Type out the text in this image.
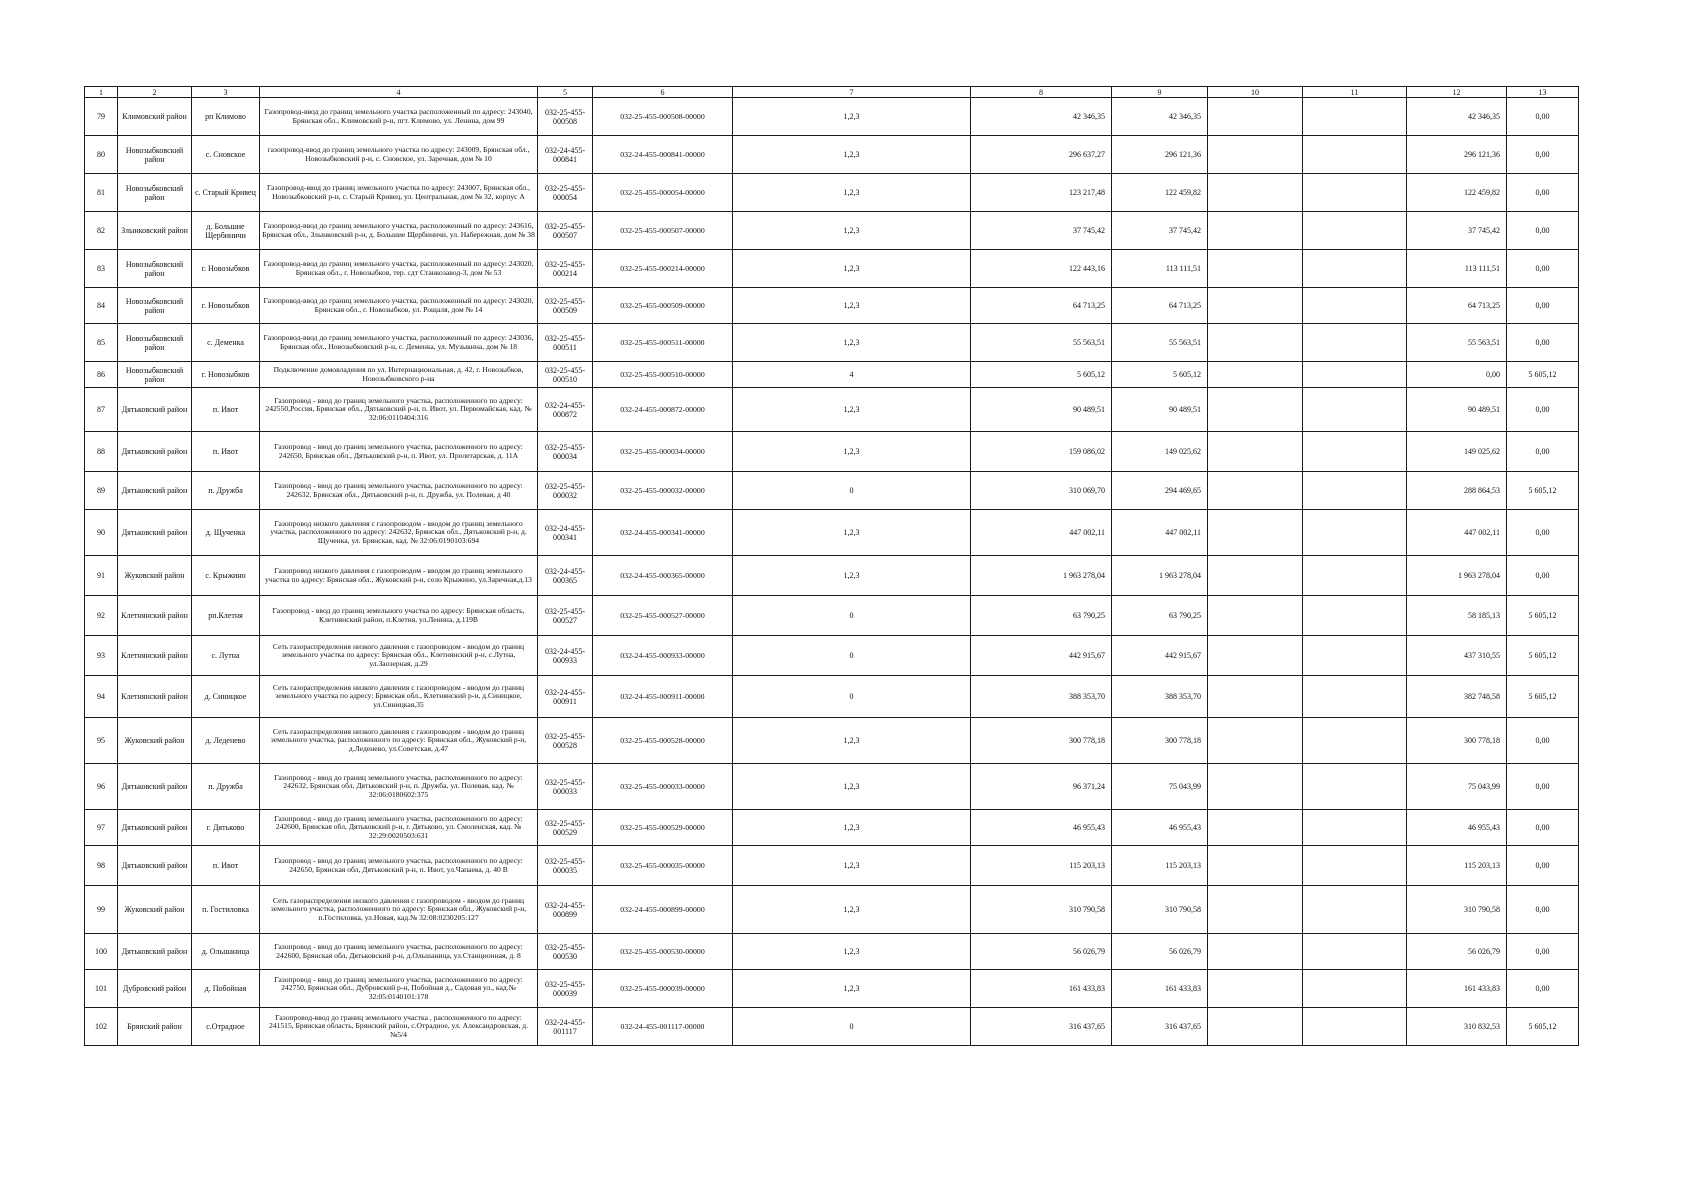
1	2	3	4	5	6	7	8	9	10	11	12	13
79	Климовский район	рп Климово	Газопровод-ввод до границ земельного участка расположенный по адресу: 243040, Брянская обл., Климовский р-н, пгт. Климово, ул. Ленина, дом 99	032-25-455-000508	032-25-455-000508-00000	1,2,3	42 346,35	42 346,35			42 346,35	0,00
80	Новозыбковский район	с. Сновское	газопровод-ввод до границ земельного участка по адресу: 243009, Брянская обл., Новозыбковский р-н, с. Сновское, ул. Заречная, дом № 10	032-24-455-000841	032-24-455-000841-00000	1,2,3	296 637,27	296 121,36			296 121,36	0,00
81	Новозыбковский район	с. Старый Кривец	Газопровод-ввод до границ земельного участка по адресу: 243007, Брянская обл., Новозыбковский р-н, с. Старый Кривец, ул. Центральная, дом № 32, корпус А	032-25-455-000054	032-25-455-000054-00000	1,2,3	123 217,48	122 459,82			122 459,82	0,00
82	Злынковский район	д. Большие Щербиничи	Газопровод-ввод до границ земельного участка, расположенный по адресу: 243616, Брянская обл., Злынковский р-н, д. Большие Щербиничи, ул. Набережная, дом № 38	032-25-455-000507	032-25-455-000507-00000	1,2,3	37 745,42	37 745,42			37 745,42	0,00
83	Новозыбковский район	г. Новозыбков	Газопровод-ввод до границ земельного участка, расположенный по адресу: 243020, Брянская обл., г. Новозыбков, тер. сдт Станкозавод-3, дом № 53	032-25-455-000214	032-25-455-000214-00000	1,2,3	122 443,16	113 111,51			113 111,51	0,00
84	Новозыбковский район	г. Новозыбков	Газопровод-ввод до границ земельного участка, расположенный по адресу: 243020, Брянская обл., г. Новозыбков, ул. Рощаля, дом № 14	032-25-455-000509	032-25-455-000509-00000	1,2,3	64 713,25	64 713,25			64 713,25	0,00
85	Новозыбковский район	с. Деменка	Газопровод-ввод до границ земельного участка, расположенный по адресу: 243036, Брянская обл., Новозыбковский р-н, с. Деменка, ул. Музыкина, дом № 18	032-25-455-000511	032-25-455-000511-00000	1,2,3	55 563,51	55 563,51			55 563,51	0,00
86	Новозыбковский район	г. Новозыбков	Подключение домовладения по ул. Интернациональная, д. 42, г. Новозыбков, Новозыбковского р-на	032-25-455-000510	032-25-455-000510-00000	4	5 605,12	5 605,12			0,00	5 605,12
87	Дятьковский район	п. Ивот	Газопровод - ввод до границ земельного участка, расположенного по адресу: 242550,Россия, Брянская обл., Дятьковский р-н, п. Ивот, ул. Первомайская, кад. № 32:06:0110404:316	032-24-455-000872	032-24-455-000872-00000	1,2,3	90 489,51	90 489,51			90 489,51	0,00
88	Дятьковский район	п. Ивот	Газопровод - ввод до границ земельного участка, расположенного по адресу: 242650, Брянская обл., Дятьковский р-н, п. Ивот, ул. Пролетарская, д. 11А	032-25-455-000034	032-25-455-000034-00000	1,2,3	159 086,02	149 025,62			149 025,62	0,00
89	Дятьковский район	п. Дружба	Газопровод - ввод до границ земельного участка, расположенного по адресу: 242632, Брянская обл., Дятьковский р-н, п. Дружба, ул. Полевая, д 40	032-25-455-000032	032-25-455-000032-00000	0	310 069,70	294 469,65			288 864,53	5 605,12
90	Дятьковский район	д. Щученка	Газопровод низкого давления с газопроводом - вводом до границ земельного участка, расположенного по адресу: 242632, Брянская обл., Дятьковский р-н, д. Щученка, ул. Брянская, кад. № 32:06:0190103:694	032-24-455-000341	032-24-455-000341-00000	1,2,3	447 002,11	447 002,11			447 002,11	0,00
91	Жуковский район	с. Крыжино	Газопровод низкого давления с газопроводом - вводом до границ земельного участка по адресу: Брянская обл., Жуковский р-н, село Крыжино, ул.Заречная,д.13	032-24-455-000365	032-24-455-000365-00000	1,2,3	1 963 278,04	1 963 278,04			1 963 278,04	0,00
92	Клетнянский район	рп.Клетня	Газопровод - ввод до границ земельного участка по адресу: Брянская область, Клетнянский район, п.Клетня, ул.Ленина, д.119В	032-25-455-000527	032-25-455-000527-00000	0	63 790,25	63 790,25			58 185,13	5 605,12
93	Клетнянский район	с. Лутна	Сеть газораспределения низкого давления с газопроводом - вводом до границ земельного участка по адресу: Брянская обл., Клетнянский р-н, с.Лутна, ул.Заозерная, д.29	032-24-455-000933	032-24-455-000933-00000	0	442 915,67	442 915,67			437 310,55	5 605,12
94	Клетнянский район	д. Синицкое	Сеть газораспределения низкого давления с газопроводом - вводом до границ земельного участка по адресу: Брянская обл., Клетнянский р-н, д.Синицкое, ул.Синицкая,35	032-24-455-000911	032-24-455-000911-00000	0	388 353,70	388 353,70			382 748,58	5 605,12
95	Жуковский район	д. Леденево	Сеть газораспределения низкого давления с газопроводом - вводом до границ земельного участка, расположенного по адресу: Брянская обл., Жуковский р-н, д.Леденево, ул.Советская, д.47	032-25-455-000528	032-25-455-000528-00000	1,2,3	300 778,18	300 778,18			300 778,18	0,00
96	Дятьковский район	п. Дружба	Газопровод - ввод до границ земельного участка, расположенного по адресу: 242632, Брянская обл, Дятьковский р-н, п. Дружба, ул. Полевая, кад. № 32:06:0180602:375	032-25-455-000033	032-25-455-000033-00000	1,2,3	96 371,24	75 043,99			75 043,99	0,00
97	Дятьковский район	г. Дятьково	Газопровод - ввод до границ земельного участка, расположенного по адресу: 242600, Брянская обл, Дятьковский р-н, г. Дятьково, ул. Смоленская, кад. № 32:29:0020503:631	032-25-455-000529	032-25-455-000529-00000	1,2,3	46 955,43	46 955,43			46 955,43	0,00
98	Дятьковский район	п. Ивот	Газопровод - ввод до границ земельного участка, расположенного по адресу: 242650, Брянская обл, Дятьковский р-н, п. Ивот, ул.Чапаева, д. 40 В	032-25-455-000035	032-25-455-000035-00000	1,2,3	115 203,13	115 203,13			115 203,13	0,00
99	Жуковский район	п. Гостиловка	Сеть газораспределения низкого давления с газопроводом - вводом до границ земельного участка, расположенного по адресу: Брянская обл., Жуковский р-н, п.Гостиловка, ул.Новая, кад.№ 32:08:0230205:127	032-24-455-000899	032-24-455-000899-00000	1,2,3	310 790,58	310 790,58			310 790,58	0,00
100	Дятьковский район	д. Ольшаница	Газопровод - ввод до границ земельного участка, расположенного по адресу: 242600, Брянская обл, Дятьковский р-н, д.Ольшаница, ул.Станционная, д. 8	032-25-455-000530	032-25-455-000530-00000	1,2,3	56 026,79	56 026,79			56 026,79	0,00
101	Дубровский район	д. Побойная	Газопровод - ввод до границ земельного участка, расположенного по адресу: 242750, Брянская обл., Дубровский р-н, Побойная д., Садовая ул., кад.№ 32:05:0140101:178	032-25-455-000039	032-25-455-000039-00000	1,2,3	161 433,83	161 433,83			161 433,83	0,00
102	Брянский район	с.Отрадное	Газопровод-ввод до границ земельного участка , расположенного по адресу: 241515, Брянская область, Брянский район, с.Отрадное, ул. Александровская, д.№5/4	032-24-455-001117	032-24-455-001117-00000	0	316 437,65	316 437,65			310 832,53	5 605,12
